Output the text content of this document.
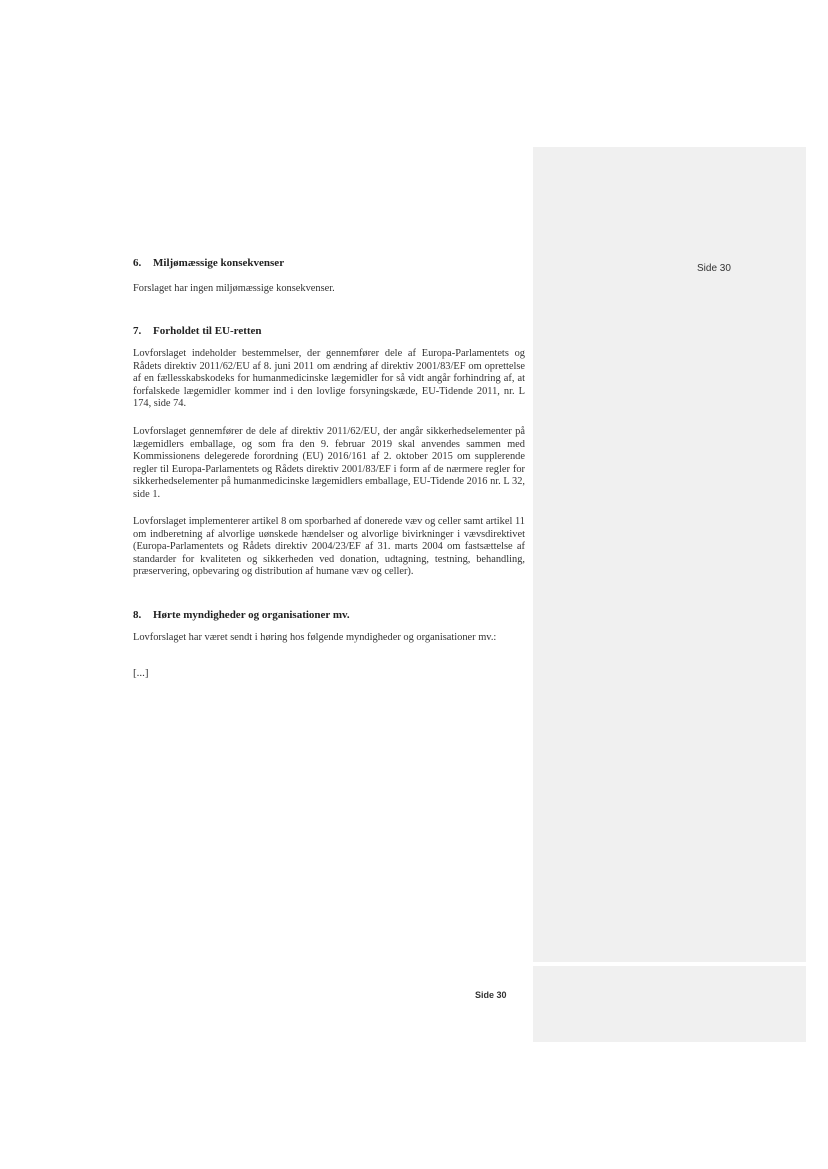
Side 30
6. Miljømæssige konsekvenser

Forslaget har ingen miljømæssige konsekvenser.

7. Forholdet til EU-retten

Lovforslaget indeholder bestemmelser, der gennemfører dele af Europa-Parlamentets og Rådets direktiv 2011/62/EU af 8. juni 2011 om ændring af direktiv 2001/83/EF om oprettelse af en fællesskabskodeks for humanmedicinske lægemidler for så vidt angår forhindring af, at forfalskede lægemidler kommer ind i den lovlige forsyningskæde, EU-Tidende 2011, nr. L 174, side 74.

Lovforslaget gennemfører de dele af direktiv 2011/62/EU, der angår sikkerhedselementer på lægemidlers emballage, og som fra den 9. februar 2019 skal anvendes sammen med Kommissionens delegerede forordning (EU) 2016/161 af 2. oktober 2015 om supplerende regler til Europa-Parlamentets og Rådets direktiv 2001/83/EF i form af de nærmere regler for sikkerhedselementer på humanmedicinske lægemidlers emballage, EU-Tidende 2016 nr. L 32, side 1.

Lovforslaget implementerer artikel 8 om sporbarhed af donerede væv og celler samt artikel 11 om indberetning af alvorlige uønskede hændelser og alvorlige bivirkninger i vævsdirektivet (Europa-Parlamentets og Rådets direktiv 2004/23/EF af 31. marts 2004 om fastsættelse af standarder for kvaliteten og sikkerheden ved donation, udtagning, testning, behandling, præservering, opbevaring og distribution af humane væv og celler).

8. Hørte myndigheder og organisationer mv.

Lovforslaget har været sendt i høring hos følgende myndigheder og organisationer mv.:

[...]
Side 30
